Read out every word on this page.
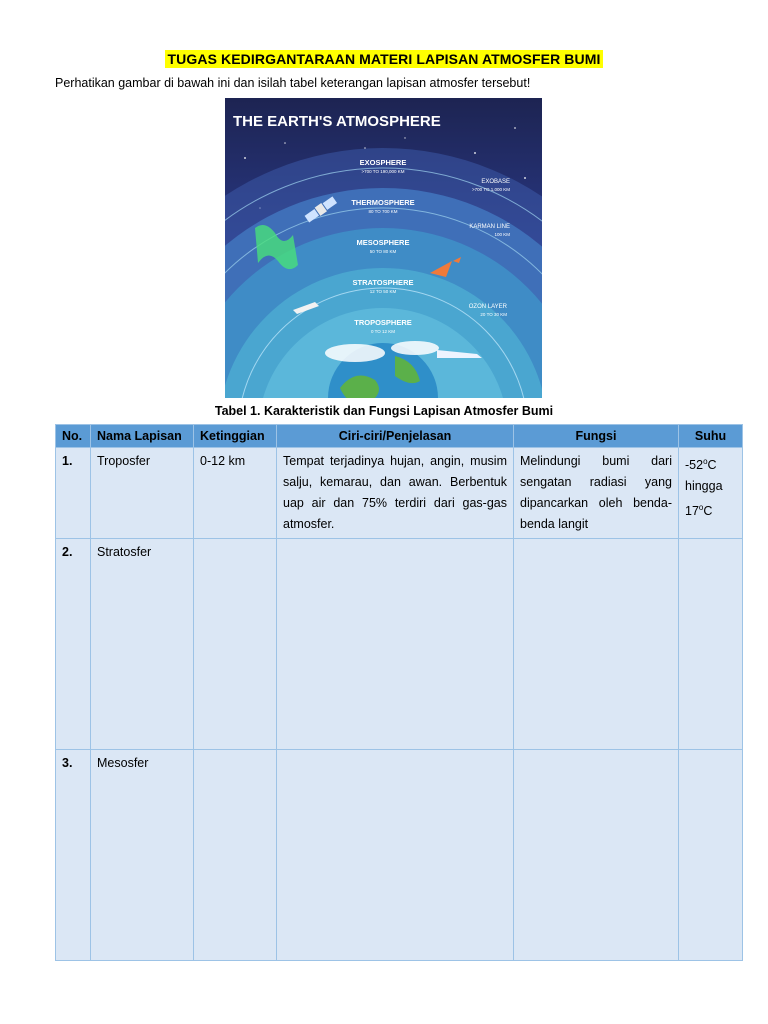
TUGAS KEDIRGANTARAAN MATERI LAPISAN ATMOSFER BUMI
Perhatikan gambar di bawah ini dan isilah tabel keterangan lapisan atmosfer tersebut!
THE EARTH'S ATMOSPHERE
EXOSPHERE
>700 TO 190,000 KM
THERMOSPHERE
80 TO 700 KM
MESOSPHERE
50 TO 80 KM
STRATOSPHERE
12 TO 50 KM
TROPOSPHERE
0 TO 12 KM
EXOBASE
>700 TO 1,000 KM
KARMAN LINE
100 KM
OZON LAYER
20 TO 30 KM
Tabel 1. Karakteristik dan Fungsi Lapisan Atmosfer Bumi
No.	Nama Lapisan	Ketinggian	Ciri-ciri/Penjelasan	Fungsi	Suhu
1.	Troposfer	0-12 km	Tempat terjadinya hujan, angin, musim salju, kemarau, dan awan. Berbentuk uap air dan 75% terdiri dari gas-gas atmosfer.	Melindungi bumi dari sengatan radiasi yang dipancarkan oleh benda-benda langit	-52$^o$C hingga 17$^o$C
2.	Stratosfer				
3.	Mesosfer				
